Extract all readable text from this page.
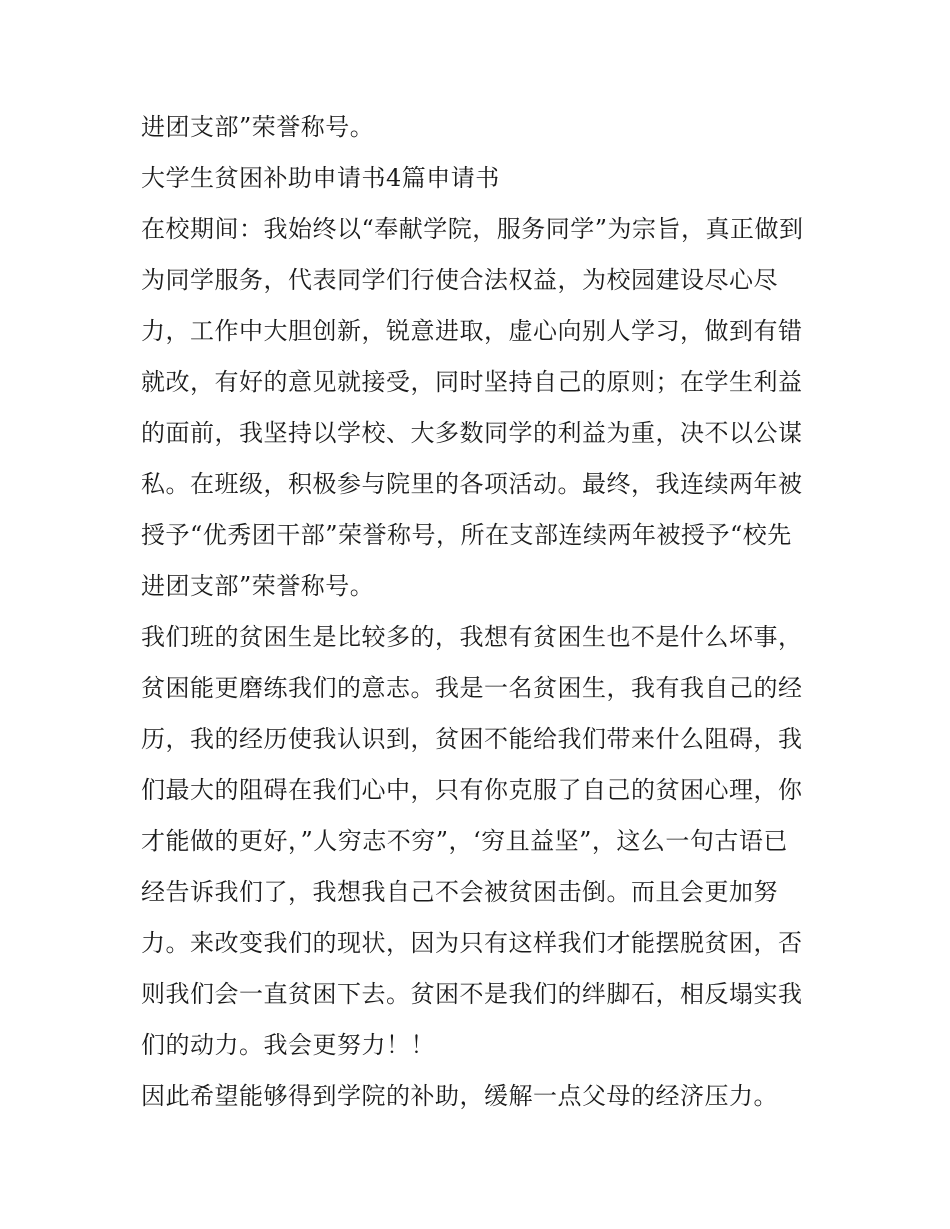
进团支部”荣誉称号。
大学生贫困补助申请书4篇申请书
在校期间：我始终以“奉献学院，服务同学”为宗旨，真正做到
为同学服务，代表同学们行使合法权益，为校园建设尽心尽
力，工作中大胆创新，锐意进取，虚心向别人学习，做到有错
就改，有好的意见就接受，同时坚持自己的原则；在学生利益
的面前，我坚持以学校、大多数同学的利益为重，决不以公谋
私。在班级，积极参与院里的各项活动。最终，我连续两年被
授予“优秀团干部”荣誉称号，所在支部连续两年被授予“校先
进团支部”荣誉称号。
我们班的贫困生是比较多的，我想有贫困生也不是什么坏事，
贫困能更磨练我们的意志。我是一名贫困生，我有我自己的经
历，我的经历使我认识到，贫困不能给我们带来什么阻碍，我
们最大的阻碍在我们心中，只有你克服了自己的贫困心理，你
才能做的更好，”人穷志不穷”，‘穷且益坚”，这么一句古语已
经告诉我们了，我想我自己不会被贫困击倒。而且会更加努
力。来改变我们的现状，因为只有这样我们才能摆脱贫困，否
则我们会一直贫困下去。贫困不是我们的绊脚石，相反塌实我
们的动力。我会更努力！！
因此希望能够得到学院的补助，缓解一点父母的经济压力。
